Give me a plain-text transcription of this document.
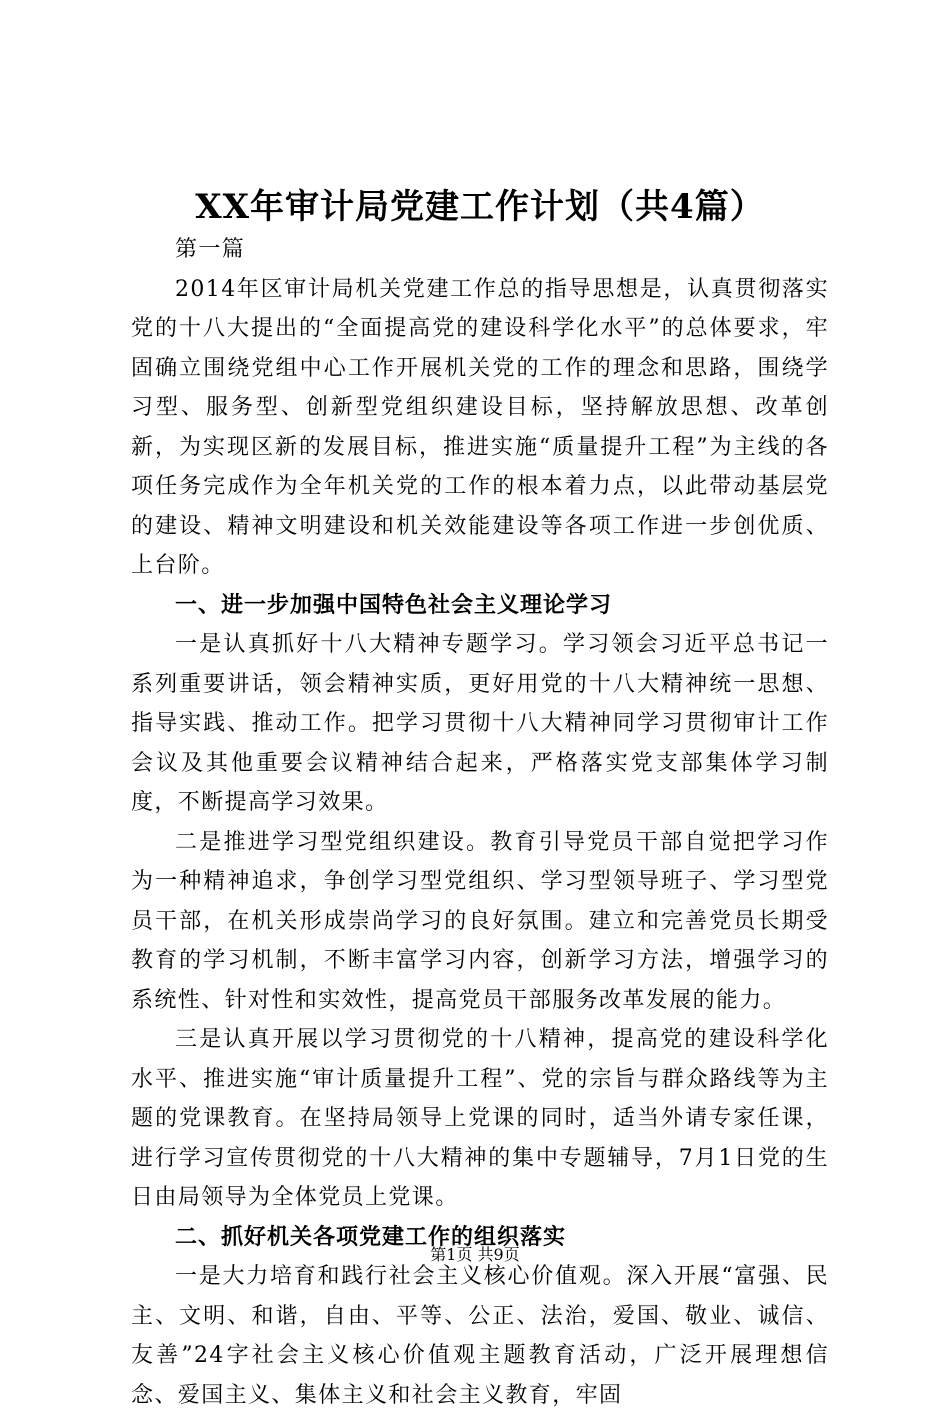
XX年审计局党建工作计划（共4篇）

第一篇

2014年区审计局机关党建工作总的指导思想是，认真贯彻落实党的十八大提出的“全面提高党的建设科学化水平”的总体要求，牢固确立围绕党组中心工作开展机关党的工作的理念和思路，围绕学习型、服务型、创新型党组织建设目标，坚持解放思想、改革创新，为实现区新的发展目标，推进实施“质量提升工程”为主线的各项任务完成作为全年机关党的工作的根本着力点，以此带动基层党的建设、精神文明建设和机关效能建设等各项工作进一步创优质、上台阶。

一、进一步加强中国特色社会主义理论学习

一是认真抓好十八大精神专题学习。学习领会习近平总书记一系列重要讲话，领会精神实质，更好用党的十八大精神统一思想、指导实践、推动工作。把学习贯彻十八大精神同学习贯彻审计工作会议及其他重要会议精神结合起来，严格落实党支部集体学习制度，不断提高学习效果。

二是推进学习型党组织建设。教育引导党员干部自觉把学习作为一种精神追求，争创学习型党组织、学习型领导班子、学习型党员干部，在机关形成崇尚学习的良好氛围。建立和完善党员长期受教育的学习机制，不断丰富学习内容，创新学习方法，增强学习的系统性、针对性和实效性，提高党员干部服务改革发展的能力。

三是认真开展以学习贯彻党的十八精神，提高党的建设科学化水平、推进实施“审计质量提升工程”、党的宗旨与群众路线等为主题的党课教育。在坚持局领导上党课的同时，适当外请专家任课，进行学习宣传贯彻党的十八大精神的集中专题辅导，7月1日党的生日由局领导为全体党员上党课。

二、抓好机关各项党建工作的组织落实

一是大力培育和践行社会主义核心价值观。深入开展“富强、民主、文明、和谐，自由、平等、公正、法治，爱国、敬业、诚信、友善”24字社会主义核心价值观主题教育活动，广泛开展理想信念、爱国主义、集体主义和社会主义教育，牢固

第1页 共9页
